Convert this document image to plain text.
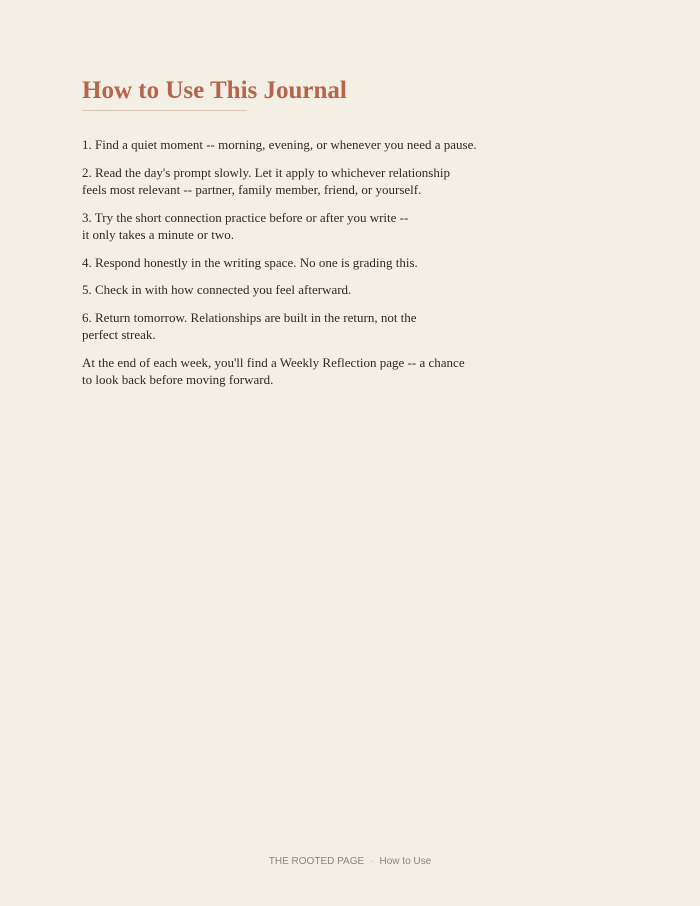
How to Use This Journal

1. Find a quiet moment -- morning, evening, or whenever you need a pause.

2. Read the day's prompt slowly. Let it apply to whichever relationship
feels most relevant -- partner, family member, friend, or yourself.

3. Try the short connection practice before or after you write --
it only takes a minute or two.

4. Respond honestly in the writing space. No one is grading this.

5. Check in with how connected you feel afterward.

6. Return tomorrow. Relationships are built in the return, not the
perfect streak.

At the end of each week, you'll find a Weekly Reflection page -- a chance
to look back before moving forward.

THE ROOTED PAGE · How to Use
